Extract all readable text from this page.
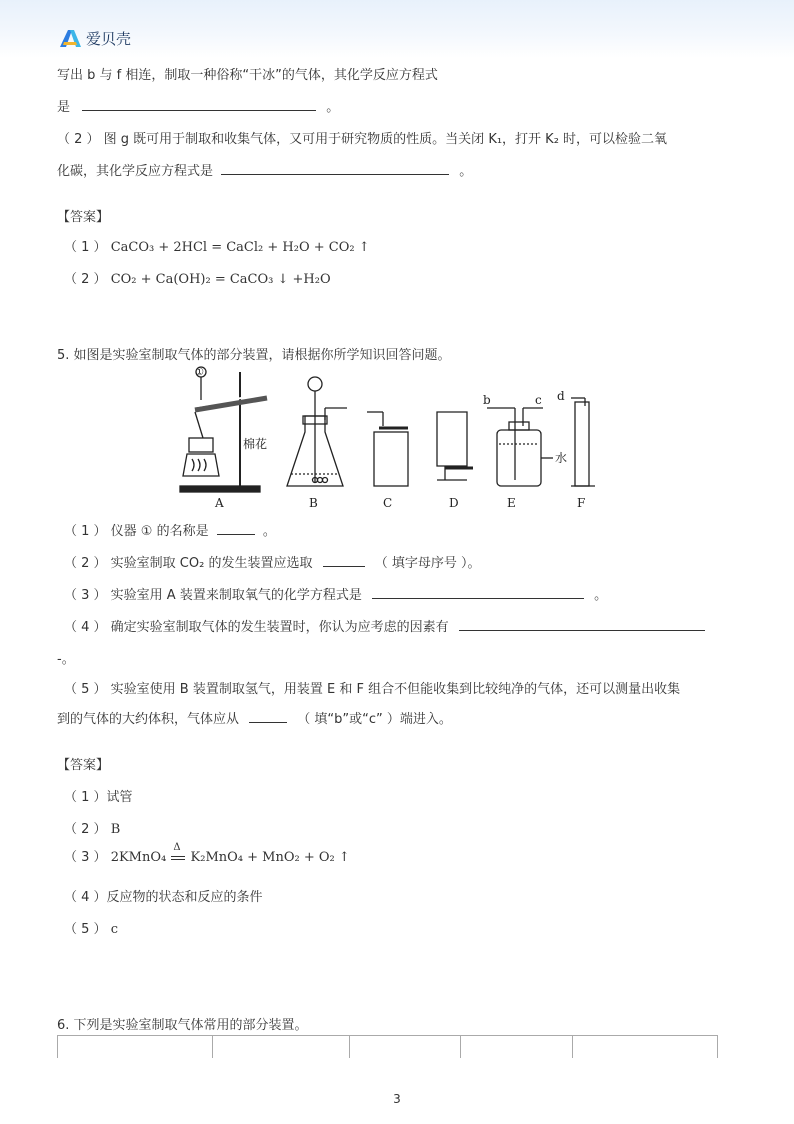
爱贝壳
写出 b 与 f 相连，制取一种俗称“干冰”的气体，其化学反应方程式
是	。
（ 2 ） 图 g 既可用于制取和收集气体，又可用于研究物质的性质。当关闭 K₁，打开 K₂ 时，可以检验二氧
化碳，其化学反应方程式是	。
【答案】
（ 1 ） CaCO₃ + 2HCl = CaCl₂ + H₂O + CO₂ ↑
（ 2 ） CO₂ + Ca(OH)₂ = CaCO₃ ↓ +H₂O
5. 如图是实验室制取气体的部分装置，请根据你所学知识回答问题。
A	B	C	D	E	F
①
棉花
水
b	c d
（ 1 ） 仪器 ① 的名称是	。
（ 2 ） 实验室制取 CO₂ 的发生装置应选取	（ 填字母序号 ）。
（ 3 ） 实验室用 A 装置来制取氧气的化学方程式是	。
（ 4 ） 确定实验室制取气体的发生装置时，你认为应考虑的因素有
-。
（ 5 ） 实验室使用 B 装置制取氢气，用装置 E 和 F 组合不但能收集到比较纯净的气体，还可以测量出收集
到的气体的大约体积，气体应从	（ 填“b”或“c” ）端进入。
【答案】
（ 1 ）试管
（ 2 ） B
（ 3 ） 2KMnO₄
Δ
K₂MnO₄ + MnO₂ + O₂ ↑
（ 4 ）反应物的状态和反应的条件
（ 5 ） c
6. 下列是实验室制取气体常用的部分装置。
3
